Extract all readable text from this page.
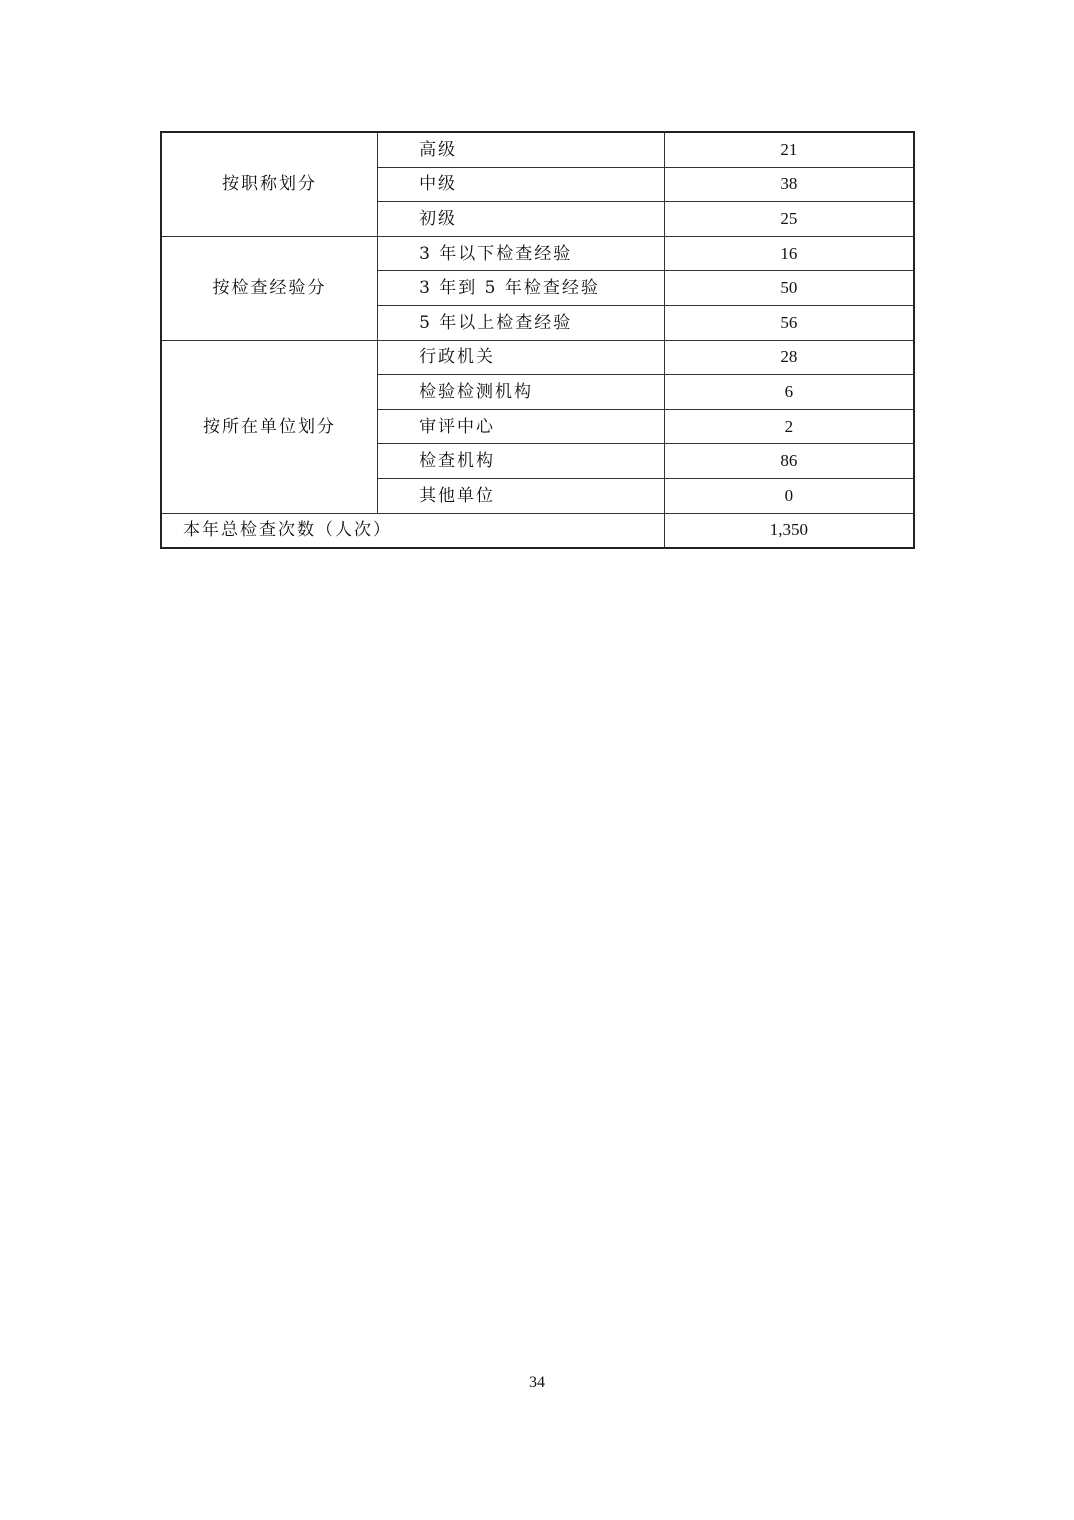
按职称划分	高级	21
	中级	38
	初级	25
按检查经验分	3 年以下检查经验	16
	3 年到 5 年检查经验	50
	5 年以上检查经验	56
按所在单位划分	行政机关	28
	检验检测机构	6
	审评中心	2
	检查机构	86
	其他单位	0
本年总检查次数（人次）		1,350
34
